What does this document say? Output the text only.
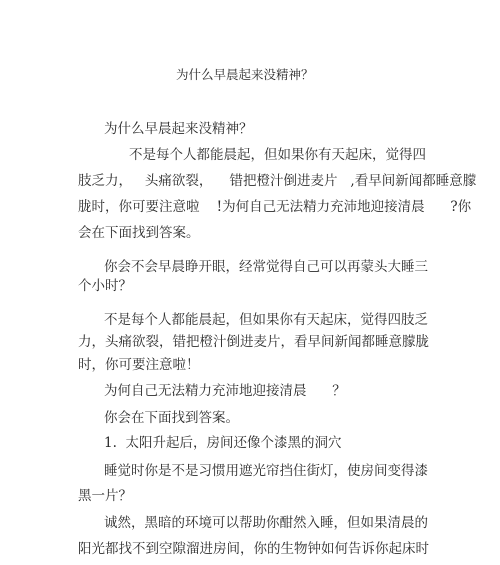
为什么早晨起来没精神？
为什么早晨起来没精神？
不是每个人都能晨起，但如果你有天起床，觉得四
肢乏力，   头痛欲裂，    错把橙汁倒进麦片   ,看早间新闻都睡意朦
胧时，你可要注意啦    !为何自己无法精力充沛地迎接清晨      ?你
会在下面找到答案。
你会不会早晨睁开眼，经常觉得自己可以再蒙头大睡三
个小时？
不是每个人都能晨起，但如果你有天起床，觉得四肢乏
力，头痛欲裂，错把橙汁倒进麦片，看早间新闻都睡意朦胧
时，你可要注意啦！
为何自己无法精力充沛地迎接清晨      ？
你会在下面找到答案。
1.  太阳升起后，房间还像个漆黑的洞穴
睡觉时你是不是习惯用遮光帘挡住街灯，使房间变得漆
黑一片？
诚然，黑暗的环境可以帮助你酣然入睡，但如果清晨的
阳光都找不到空隙溜进房间，你的生物钟如何告诉你起床时
